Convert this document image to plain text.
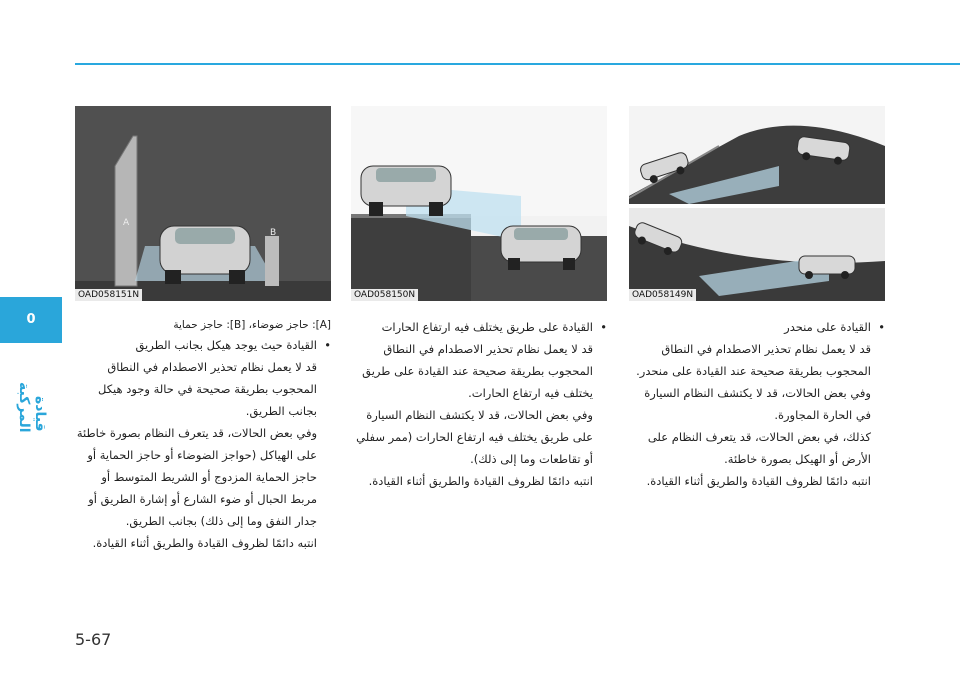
0
قيادة المركبة
OAD058149N
OAD058150N
A
B
OAD058151N

• القيادة على منحدر

قد لا يعمل نظام تحذير الاصطدام في النطاق المحجوب بطريقة صحيحة عند القيادة على منحدر. وفي بعض الحالات، قد لا يكتشف النظام السيارة في الحارة المجاورة.

كذلك، في بعض الحالات، قد يتعرف النظام على الأرض أو الهيكل بصورة خاطئة.

انتبه دائمًا لظروف القيادة والطريق أثناء القيادة.

• القيادة على طريق يختلف فيه ارتفاع الحارات

قد لا يعمل نظام تحذير الاصطدام في النطاق المحجوب بطريقة صحيحة عند القيادة على طريق يختلف فيه ارتفاع الحارات.

وفي بعض الحالات، قد لا يكتشف النظام السيارة على طريق يختلف فيه ارتفاع الحارات (ممر سفلي أو تقاطعات وما إلى ذلك).

انتبه دائمًا لظروف القيادة والطريق أثناء القيادة.

[A]: حاجز ضوضاء، [B]: حاجز حماية

• القيادة حيث يوجد هيكل بجانب الطريق

قد لا يعمل نظام تحذير الاصطدام في النطاق المحجوب بطريقة صحيحة في حالة وجود هيكل بجانب الطريق.

وفي بعض الحالات، قد يتعرف النظام بصورة خاطئة على الهياكل (حواجز الضوضاء أو حاجز الحماية أو حاجز الحماية المزدوج أو الشريط المتوسط أو مربط الحبال أو ضوء الشارع أو إشارة الطريق أو جدار النفق وما إلى ذلك) بجانب الطريق.

انتبه دائمًا لظروف القيادة والطريق أثناء القيادة.

5-67
